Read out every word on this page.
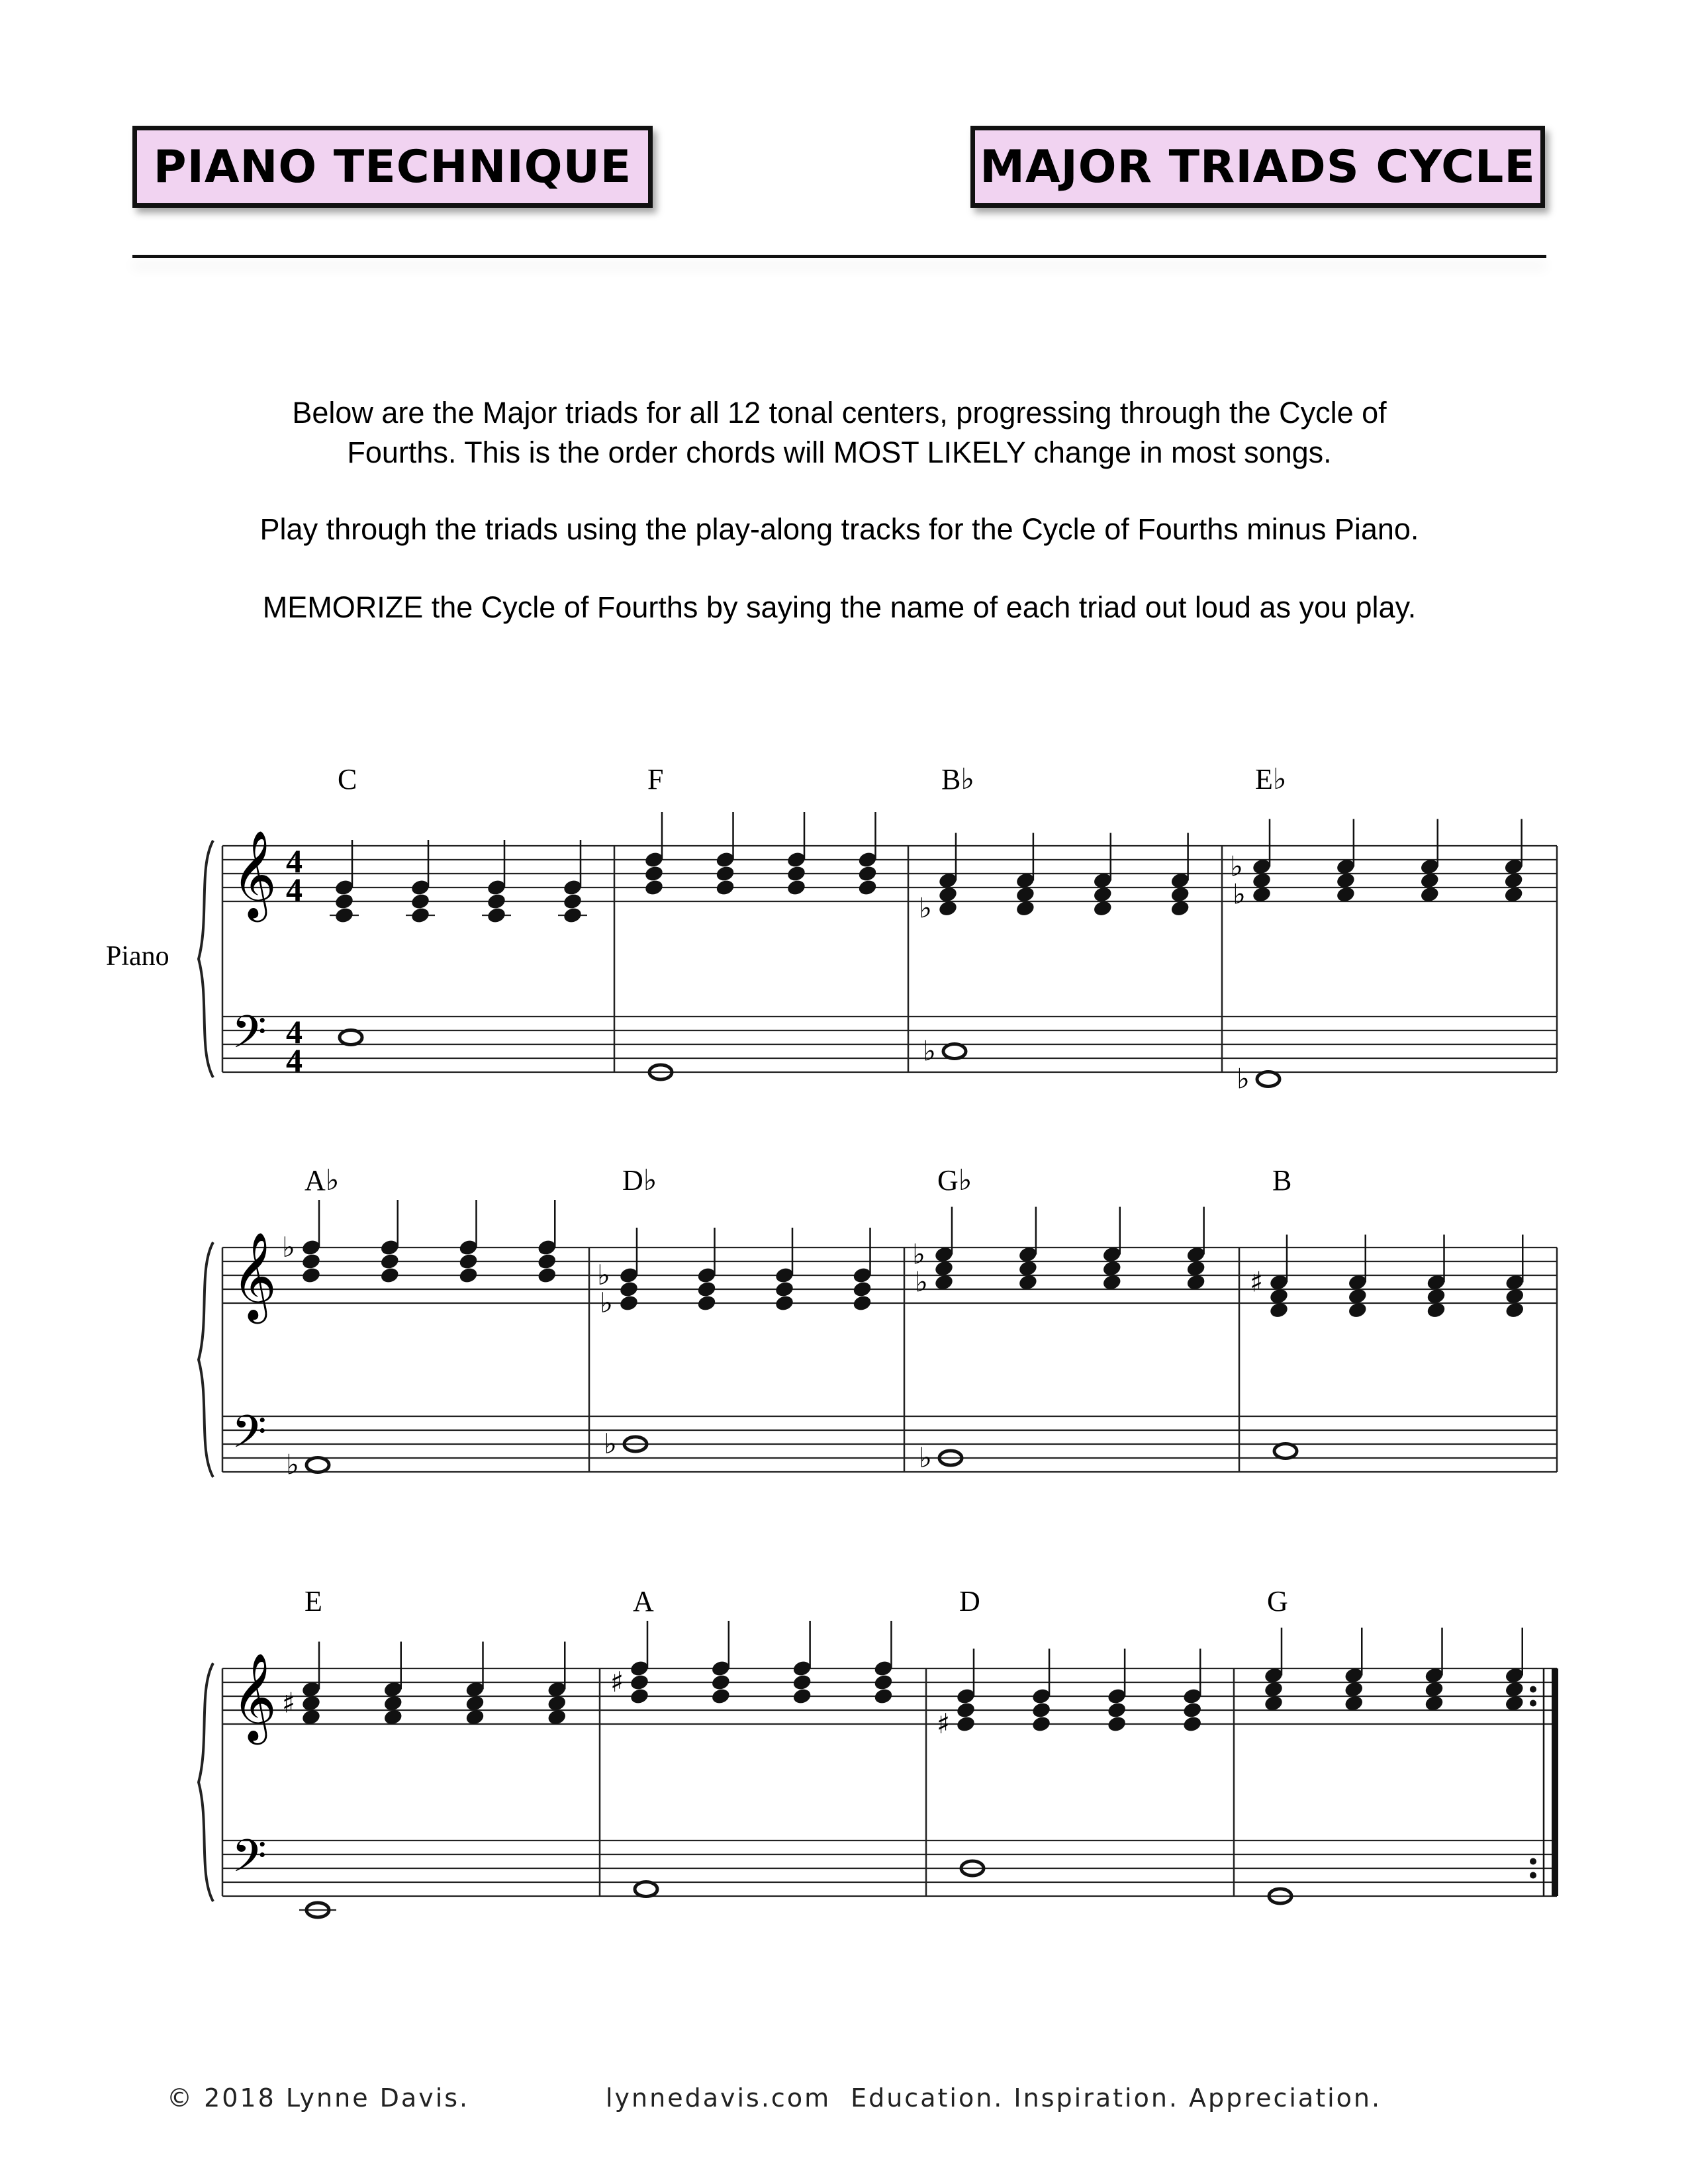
PIANO TECHNIQUE	MAJOR TRIADS CYCLE
Below are the Major triads for all 12 tonal centers, progressing through the Cycle of
Fourths. This is the order chords will MOST LIKELY change in most songs.
Play through the triads using the play-along tracks for the Cycle of Fourths minus Piano.
MEMORIZE the Cycle of Fourths by saying the name of each triad out loud as you play.
Piano
𝄞
𝄢
4
4
4
4
C	F	B♭
♭
♭
E♭
♭
♭
♭
𝄞
𝄢
A♭
♭
♭
D♭
♭
♭
♭
G♭
♭
♭
♭
B
♯
𝄞
𝄢
E
♯
A
♯
D
♯
G
© 2018 Lynne Davis.	lynnedavis.com Education. Inspiration. Appreciation.
